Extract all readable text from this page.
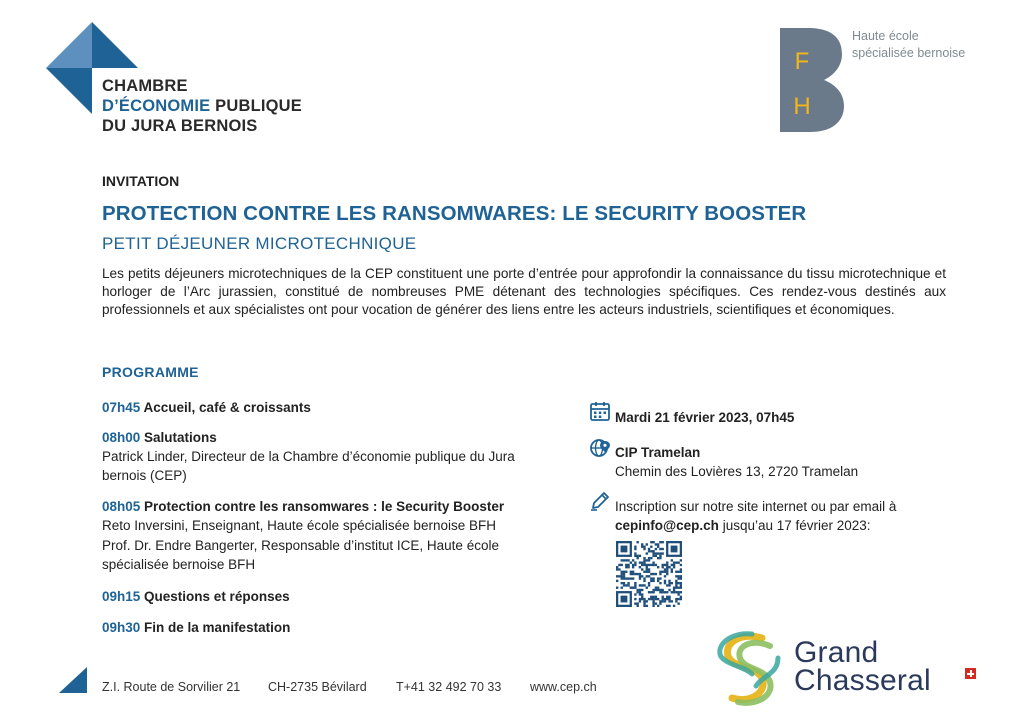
CHAMBRE
D’ÉCONOMIE PUBLIQUE
DU JURA BERNOIS
F
H
Haute école
spécialisée bernoise
INVITATION
PROTECTION CONTRE LES RANSOMWARES: LE SECURITY BOOSTER
PETIT DÉJEUNER MICROTECHNIQUE
Les petits déjeuners microtechniques de la CEP constituent une porte d’entrée pour approfondir la connaissance du tissu microtechnique et horloger de l’Arc jurassien, constitué de nombreuses PME détenant des technologies spécifiques. Ces rendez-vous destinés aux professionnels et aux spécialistes ont pour vocation de générer des liens entre les acteurs industriels, scientifiques et économiques.
PROGRAMME
07h45 Accueil, café & croissants
08h00 Salutations
Patrick Linder, Directeur de la Chambre d’économie publique du Jura bernois (CEP)
08h05 Protection contre les ransomwares : le Security Booster
Reto Inversini, Enseignant, Haute école spécialisée bernoise BFH
Prof. Dr. Endre Bangerter, Responsable d’institut ICE, Haute école spécialisée bernoise BFH
09h15 Questions et réponses
09h30 Fin de la manifestation
Mardi 21 février 2023, 07h45
CIP Tramelan
Chemin des Lovières 13, 2720 Tramelan
Inscription sur notre site internet ou par email à
cepinfo@cep.ch jusqu’au 17 février 2023:
Z.I. Route de Sorvilier 21 CH-2735 Bévilard T+41 32 492 70 33 www.cep.ch
Grand
Chasseral
